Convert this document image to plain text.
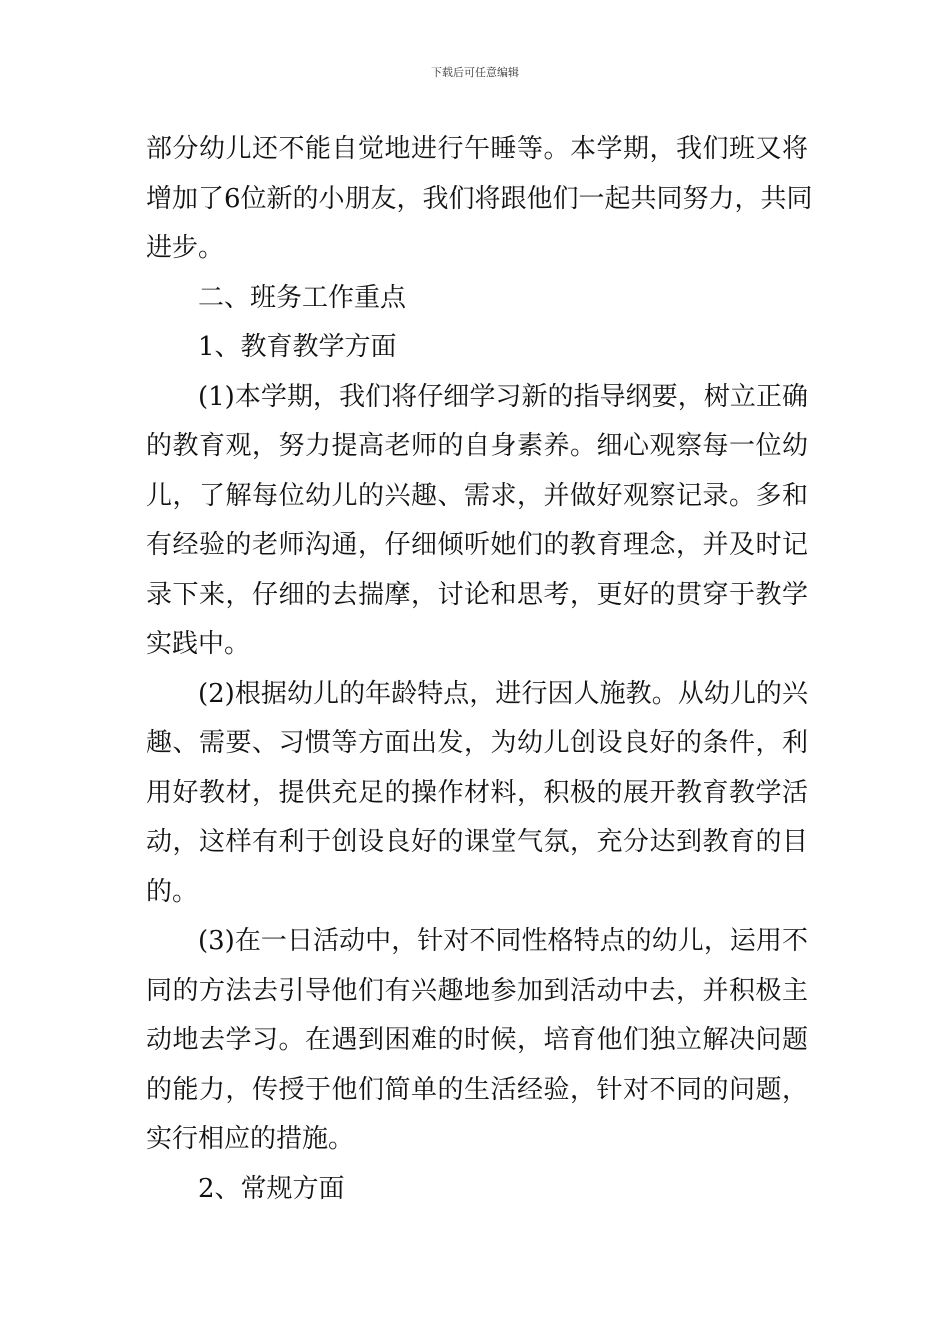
下载后可任意编辑
部分幼儿还不能自觉地进行午睡等。本学期，我们班又将
增加了6位新的小朋友，我们将跟他们一起共同努力，共同
进步。
二、班务工作重点
1、教育教学方面
(1)本学期，我们将仔细学习新的指导纲要，树立正确
的教育观，努力提高老师的自身素养。细心观察每一位幼
儿，了解每位幼儿的兴趣、需求，并做好观察记录。多和
有经验的老师沟通，仔细倾听她们的教育理念，并及时记
录下来，仔细的去揣摩，讨论和思考，更好的贯穿于教学
实践中。
(2)根据幼儿的年龄特点，进行因人施教。从幼儿的兴
趣、需要、习惯等方面出发，为幼儿创设良好的条件，利
用好教材，提供充足的操作材料，积极的展开教育教学活
动，这样有利于创设良好的课堂气氛，充分达到教育的目
的。
(3)在一日活动中，针对不同性格特点的幼儿，运用不
同的方法去引导他们有兴趣地参加到活动中去，并积极主
动地去学习。在遇到困难的时候，培育他们独立解决问题
的能力，传授于他们简单的生活经验，针对不同的问题，
实行相应的措施。
2、常规方面
